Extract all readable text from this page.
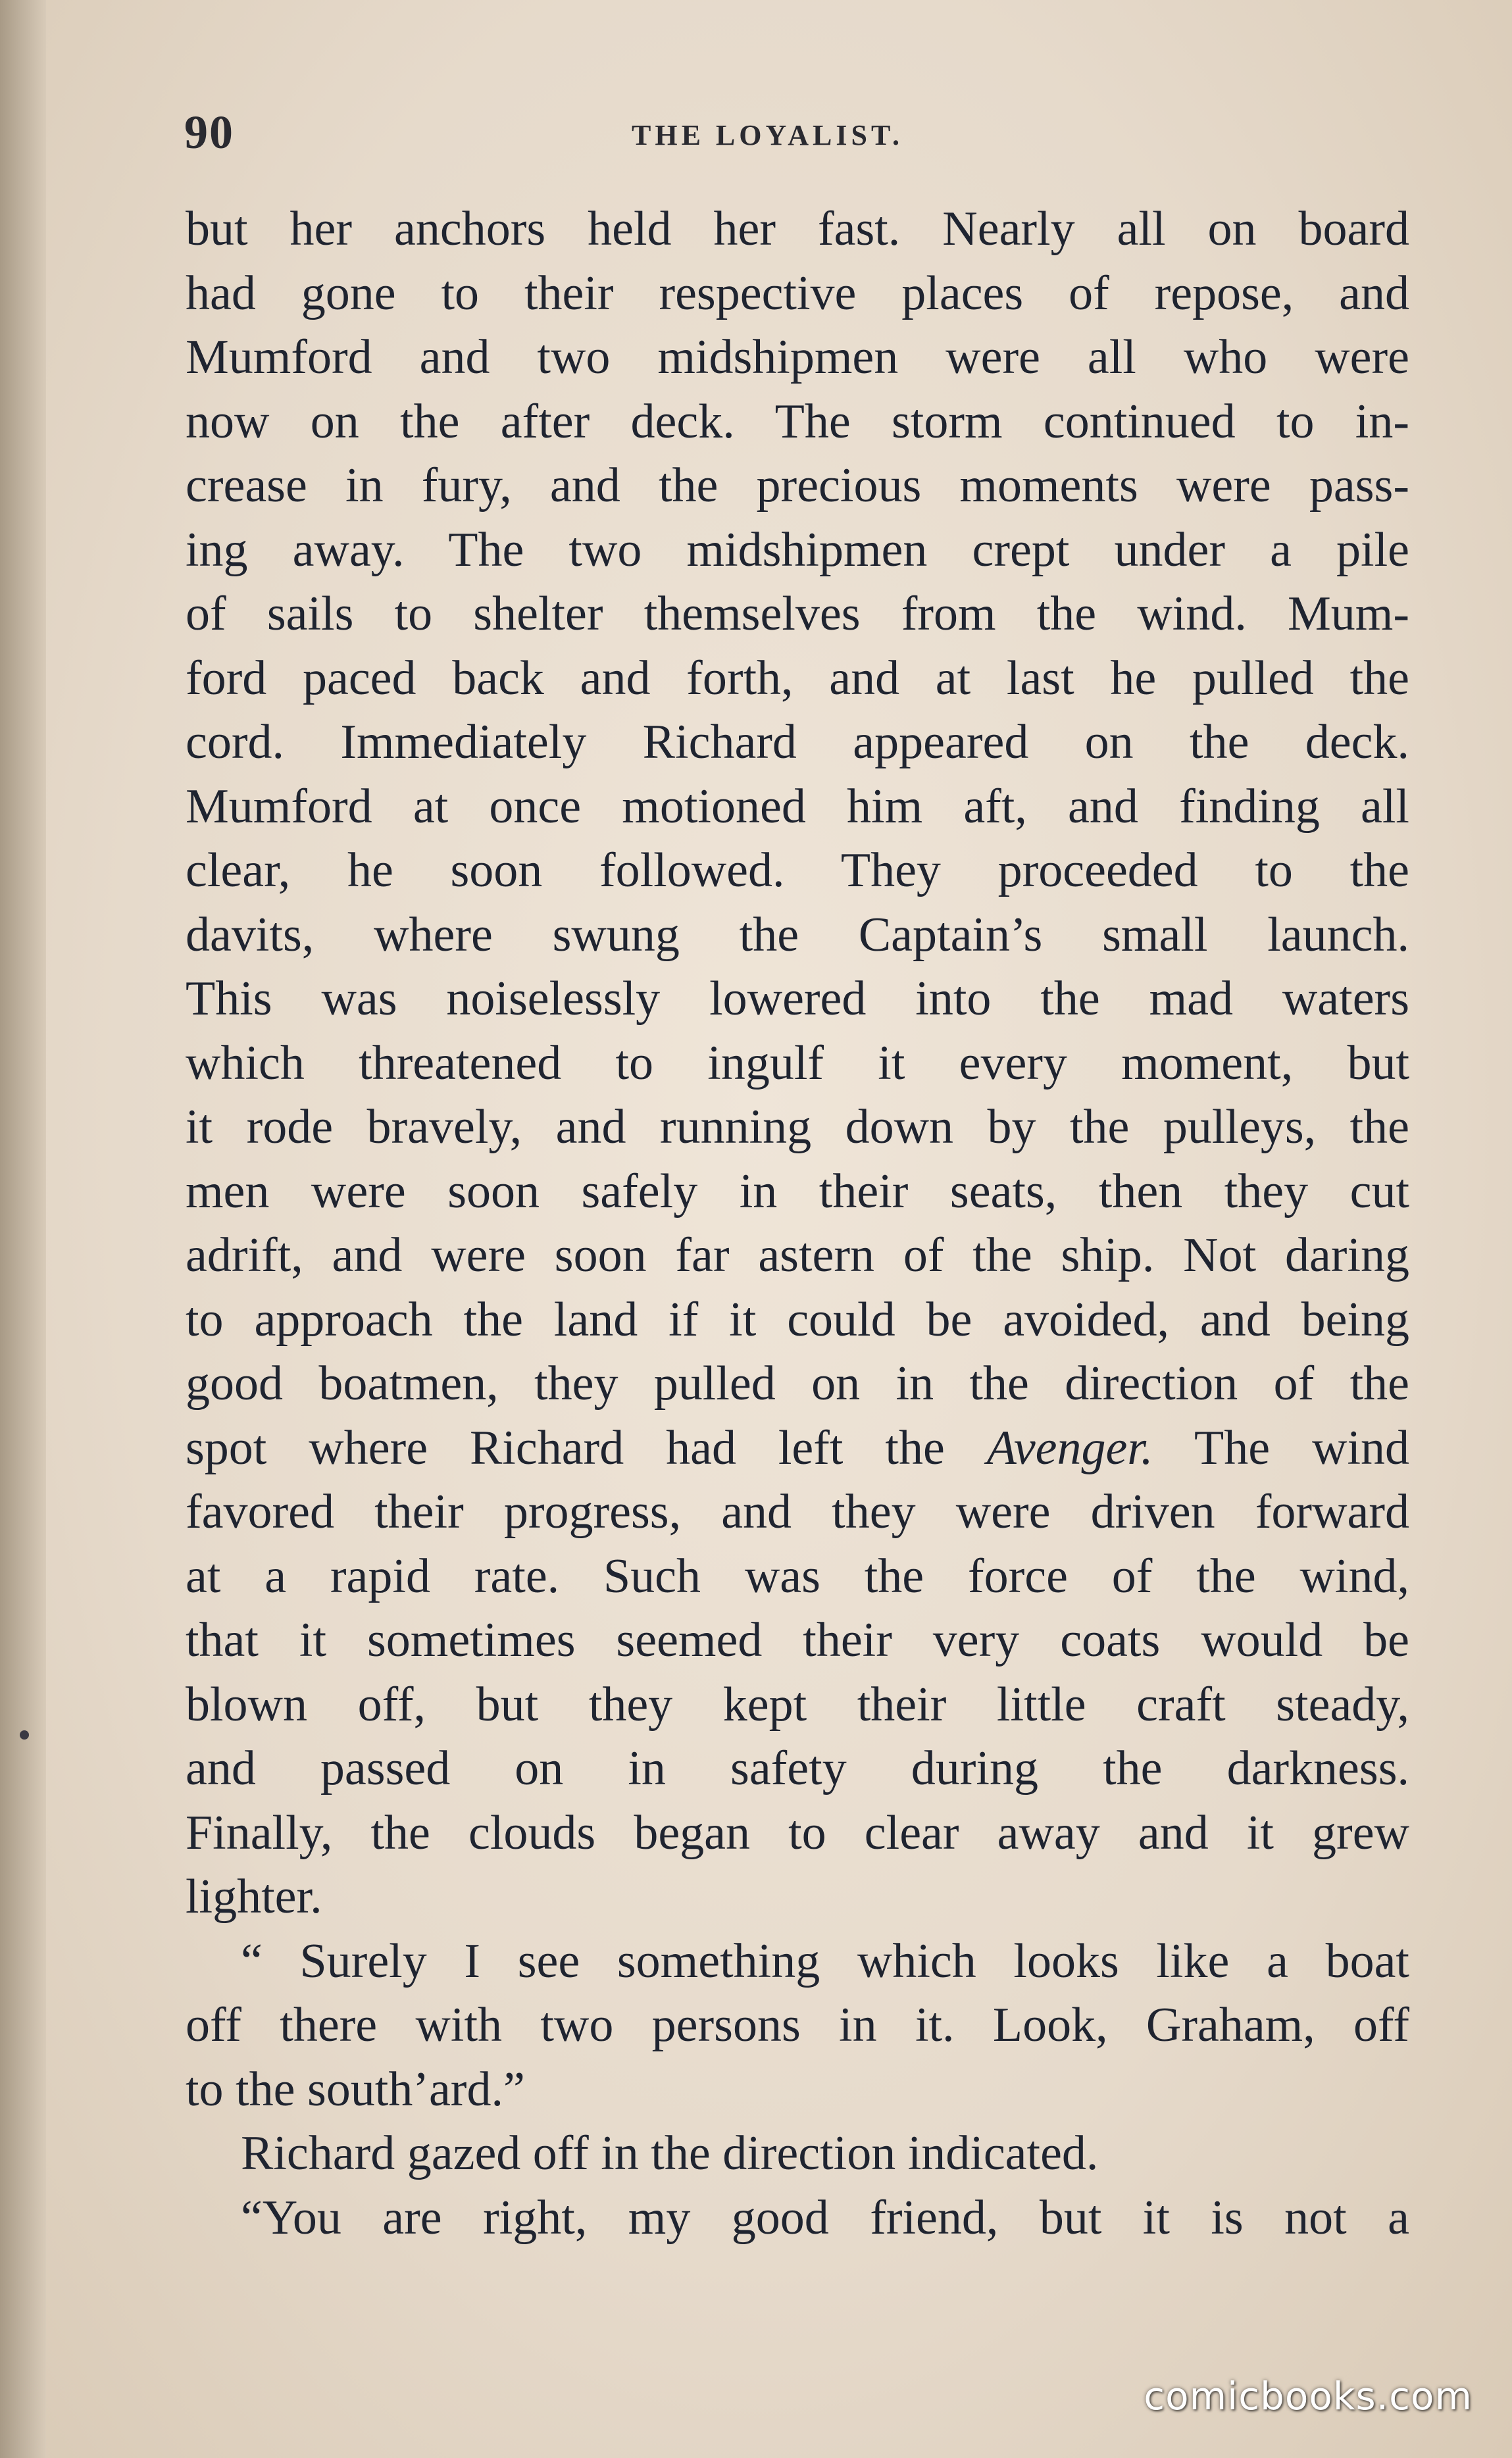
90	THE LOYALIST.
but her anchors held her fast. Nearly all on board
had gone to their respective places of repose, and
Mumford and two midshipmen were all who were
now on the after deck. The storm continued to in-
crease in fury, and the precious moments were pass-
ing away. The two midshipmen crept under a pile
of sails to shelter themselves from the wind. Mum-
ford paced back and forth, and at last he pulled the
cord. Immediately Richard appeared on the deck.
Mumford at once motioned him aft, and finding all
clear, he soon followed. They proceeded to the
davits, where swung the Captain’s small launch.
This was noiselessly lowered into the mad waters
which threatened to ingulf it every moment, but
it rode bravely, and running down by the pulleys, the
men were soon safely in their seats, then they cut
adrift, and were soon far astern of the ship. Not daring
to approach the land if it could be avoided, and being
good boatmen, they pulled on in the direction of the
spot where Richard had left the Avenger. The wind
favored their progress, and they were driven forward
at a rapid rate. Such was the force of the wind,
that it sometimes seemed their very coats would be
blown off, but they kept their little craft steady,
and passed on in safety during the darkness.
Finally, the clouds began to clear away and it grew
lighter.
“ Surely I see something which looks like a boat
off there with two persons in it. Look, Graham, off
to the south’ard.”
Richard gazed off in the direction indicated.
“You are right, my good friend, but it is not a
comicbooks.com
